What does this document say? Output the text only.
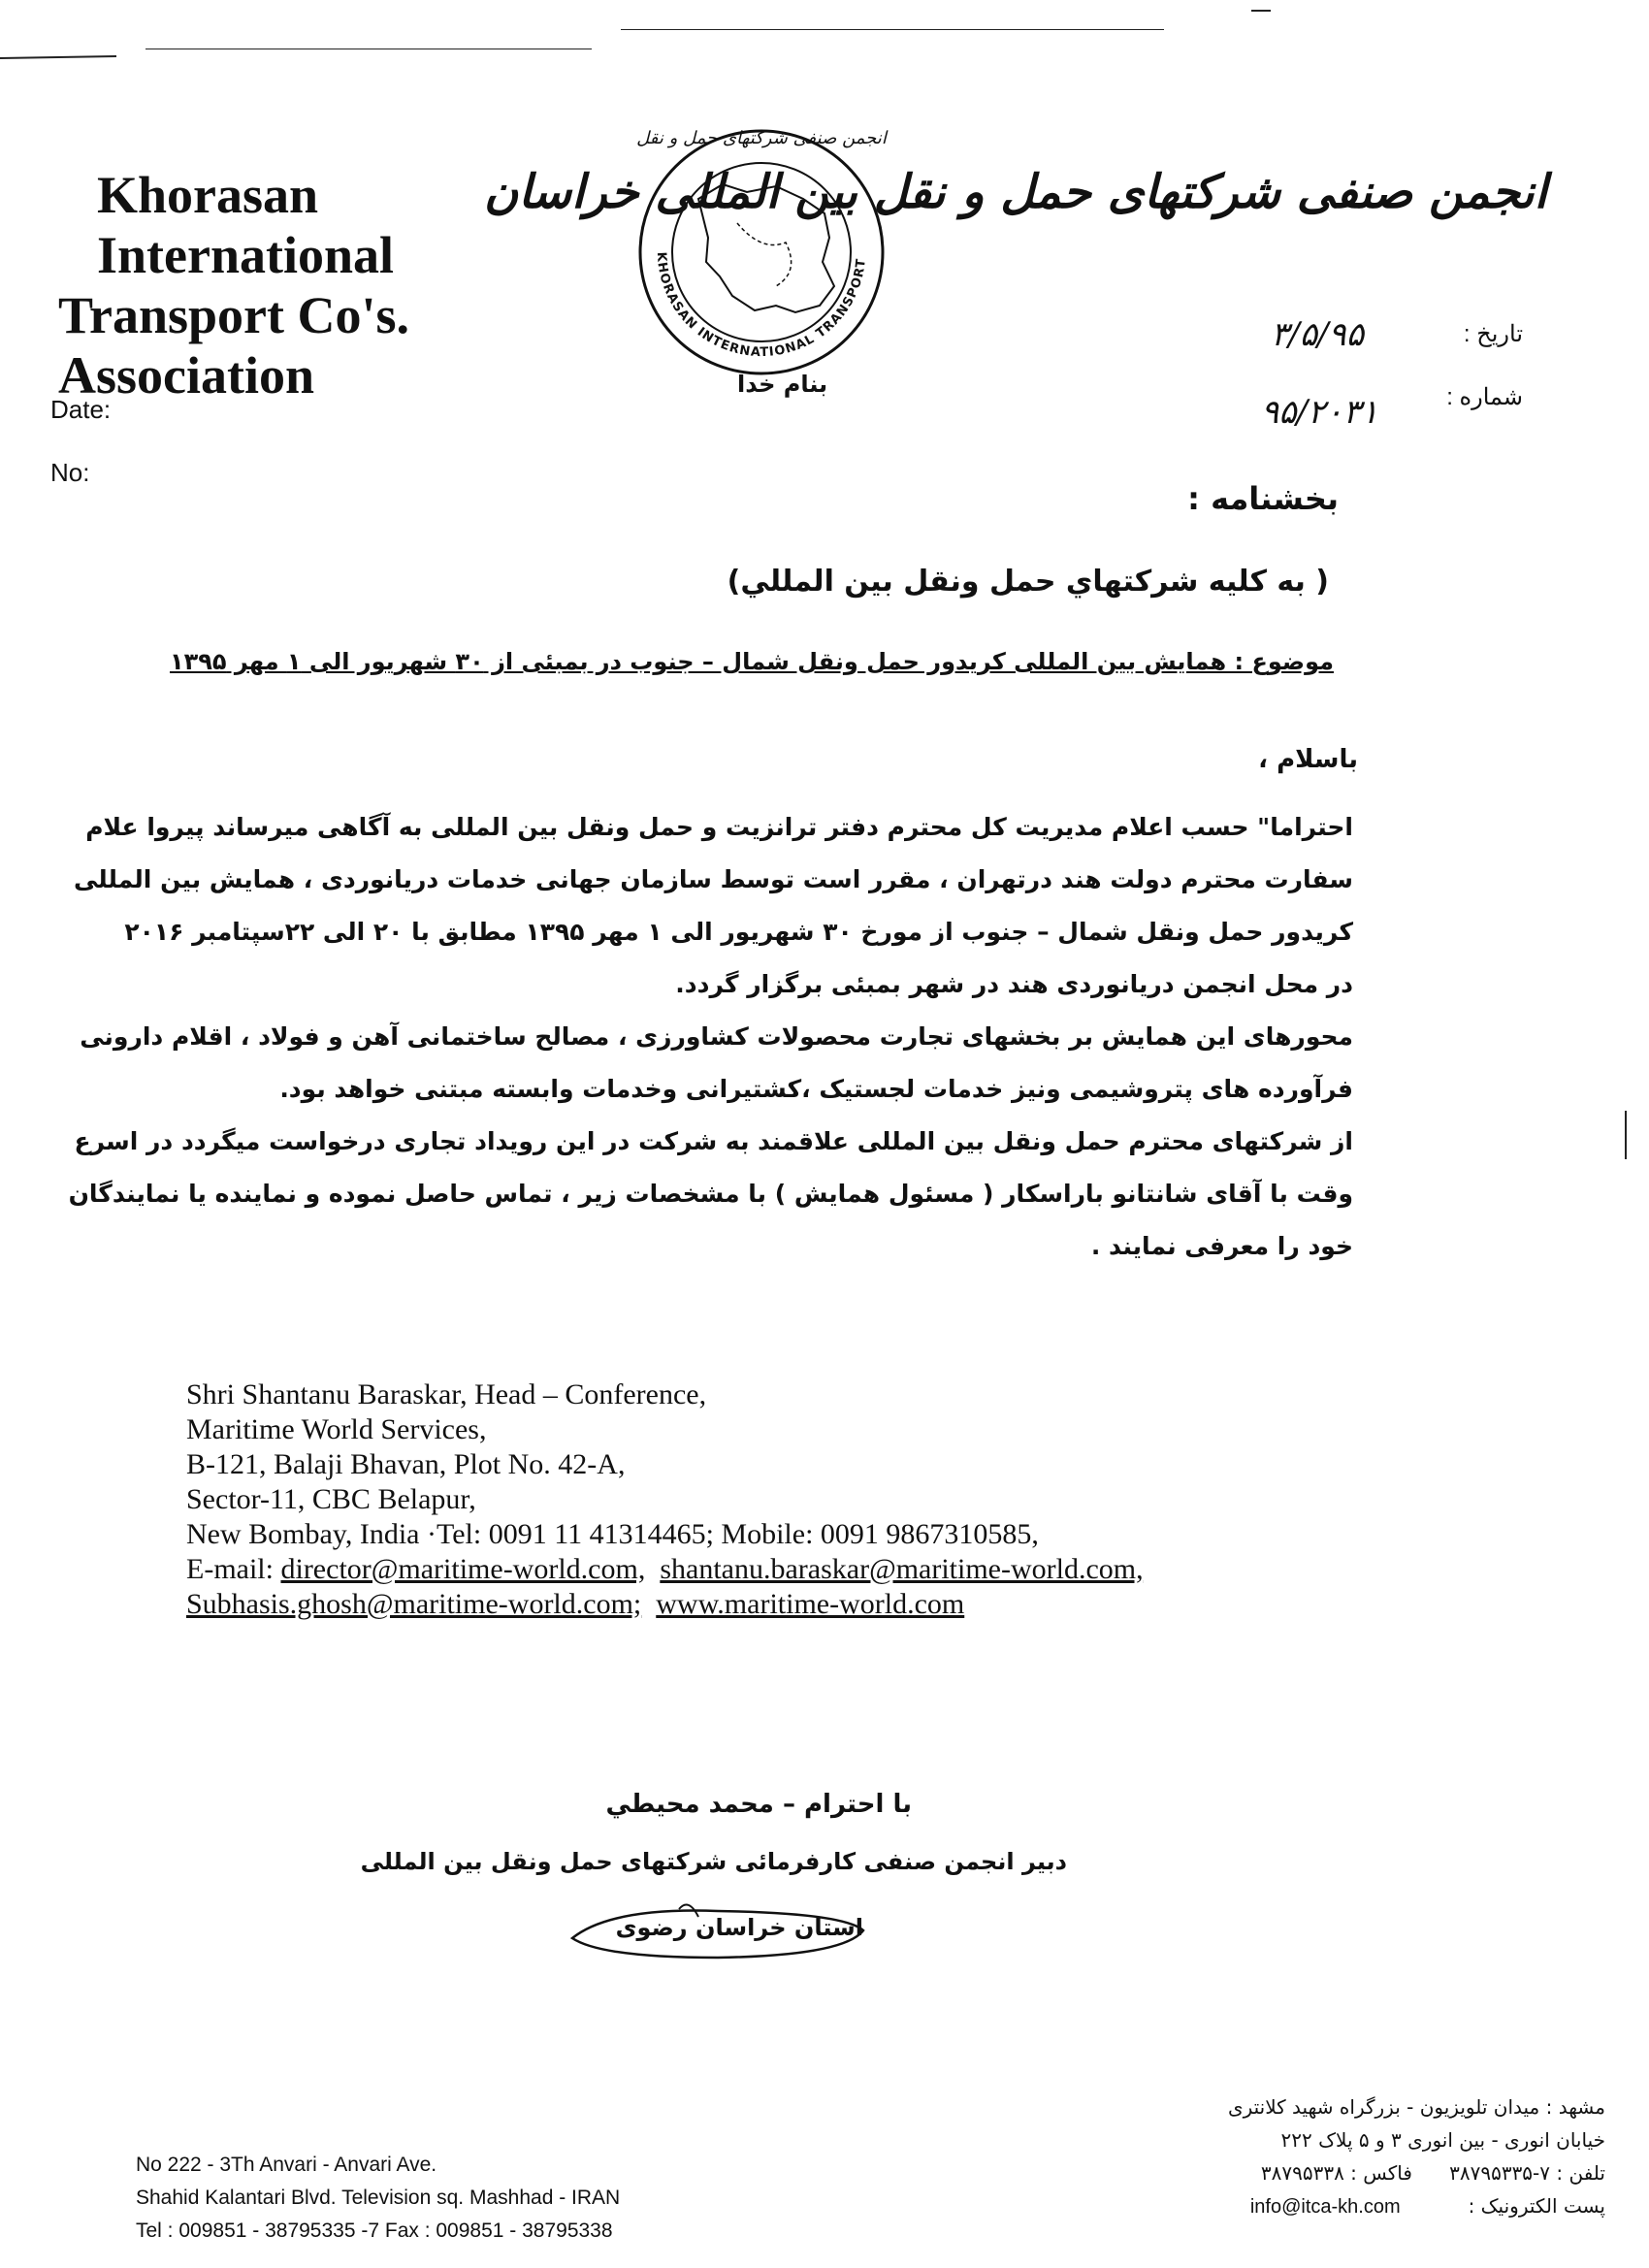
Khorasan International
Transport Co's. Association
KHORASAN INTERNATIONAL TRANSPORT
انجمن صنفی شرکتهای حمل و نقل
بنام خدا
انجمن صنفی شرکتهای حمل و نقل بین المللی خراسان
Date:
No:
تاریخ :
۳/۵/۹۵
شماره :
۹۵/۲۰۳۱
بخشنامه :
( به کلیه شرکتهاي حمل ونقل بین المللي)
موضوع : همایش بین المللی کریدور حمل ونقل شمال – جنوب در بمبئی از ۳۰ شهریور الی ۱ مهر ۱۳۹۵
باسلام ،
احتراما" حسب اعلام مدیریت کل محترم دفتر ترانزیت و حمل ونقل بین المللی به آگاهی میرساند پیروا علام
سفارت محترم دولت هند درتهران ، مقرر است توسط سازمان جهانی خدمات دریانوردی ، همایش بین المللی
کریدور حمل ونقل شمال – جنوب از مورخ ۳۰ شهریور الی ۱ مهر ۱۳۹۵ مطابق با ۲۰ الی ۲۲سپتامبر ۲۰۱۶
در محل انجمن دریانوردی هند در شهر بمبئی برگزار گردد.
محورهای این همایش بر بخشهای تجارت محصولات کشاورزی ، مصالح ساختمانی آهن و فولاد ، اقلام دارونی
فرآورده های پتروشیمی ونیز خدمات لجستیک ،کشتیرانی وخدمات وابسته مبتنی خواهد بود.
از شرکتهای محترم حمل ونقل بین المللی علاقمند به شرکت در این رویداد تجاری درخواست میگردد در اسرع
وقت با آقای شانتانو باراسکار ( مسئول همایش ) با مشخصات زیر ، تماس حاصل نموده و نماینده یا نمایندگان
خود را معرفی نمایند .
Shri Shantanu Baraskar, Head – Conference,
Maritime World Services,
B-121, Balaji Bhavan, Plot No. 42-A,
Sector-11, CBC Belapur,
New Bombay, India ·Tel: 0091 11 41314465; Mobile: 0091 9867310585,
E-mail: director@maritime-world.com, shantanu.baraskar@maritime-world.com,
Subhasis.ghosh@maritime-world.com; www.maritime-world.com
با احترام – محمد محیطي
دبیر انجمن صنفی کارفرمائی شرکتهای حمل ونقل بین المللی
استان خراسان رضوی
No 222 - 3Th Anvari - Anvari Ave.
Shahid Kalantari Blvd. Television sq. Mashhad - IRAN
Tel : 009851 - 38795335 -7 Fax : 009851 - 38795338
مشهد : میدان تلویزیون - بزرگراه شهید کلانتری
خیابان انوری - بین انوری ۳ و ۵ پلاک ۲۲۲
تلفن : ۷-۳۸۷۹۵۳۳۵      فاکس : ۳۸۷۹۵۳۳۸
پست الکترونیک :           info@itca-kh.com
